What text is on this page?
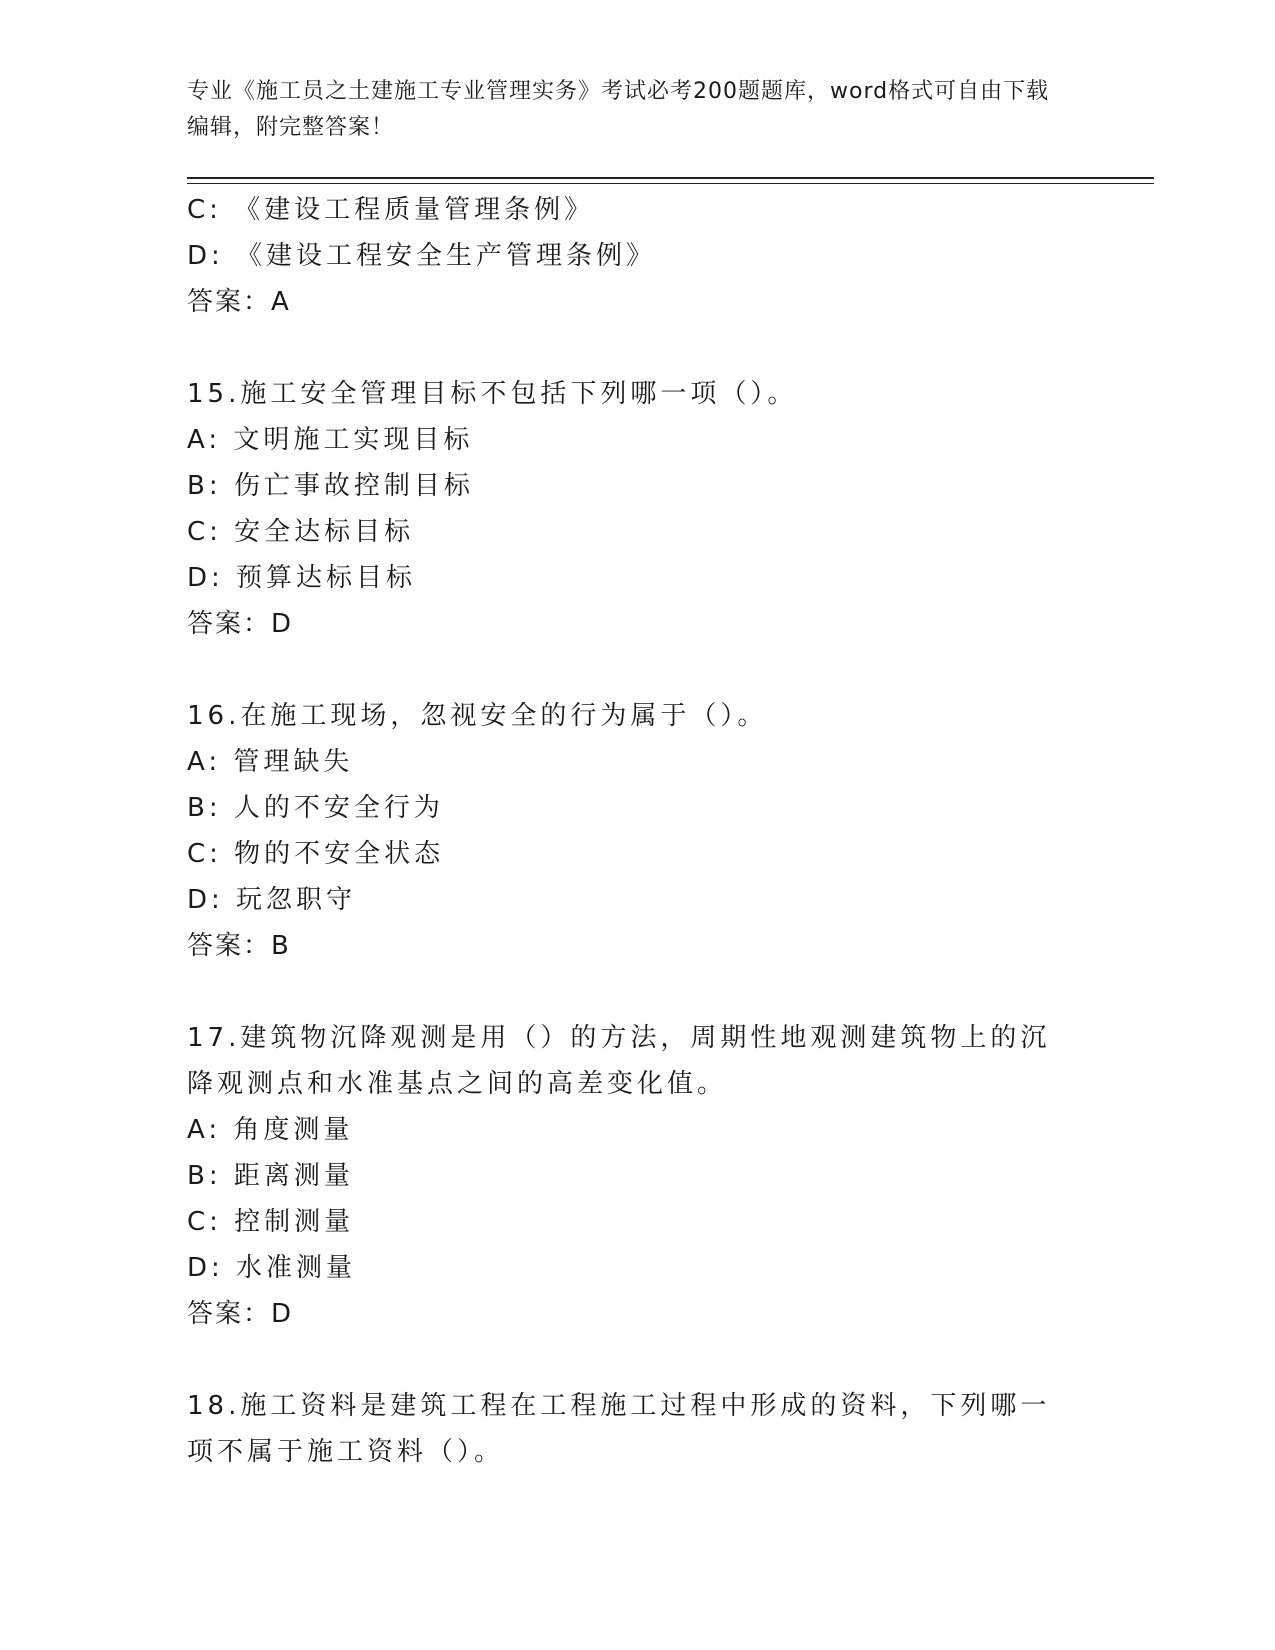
专业《施工员之土建施工专业管理实务》考试必考200题题库，word格式可自由下载编辑，附完整答案！
C: 《建设工程质量管理条例》
D: 《建设工程安全生产管理条例》
答案：A
15.施工安全管理目标不包括下列哪一项（）。
A: 文明施工实现目标
B: 伤亡事故控制目标
C: 安全达标目标
D: 预算达标目标
答案：D
16.在施工现场，忽视安全的行为属于（）。
A: 管理缺失
B: 人的不安全行为
C: 物的不安全状态
D: 玩忽职守
答案：B
17.建筑物沉降观测是用（）的方法，周期性地观测建筑物上的沉降观测点和水准基点之间的高差变化值。
A: 角度测量
B: 距离测量
C: 控制测量
D: 水准测量
答案：D
18.施工资料是建筑工程在工程施工过程中形成的资料，下列哪一项不属于施工资料（）。
